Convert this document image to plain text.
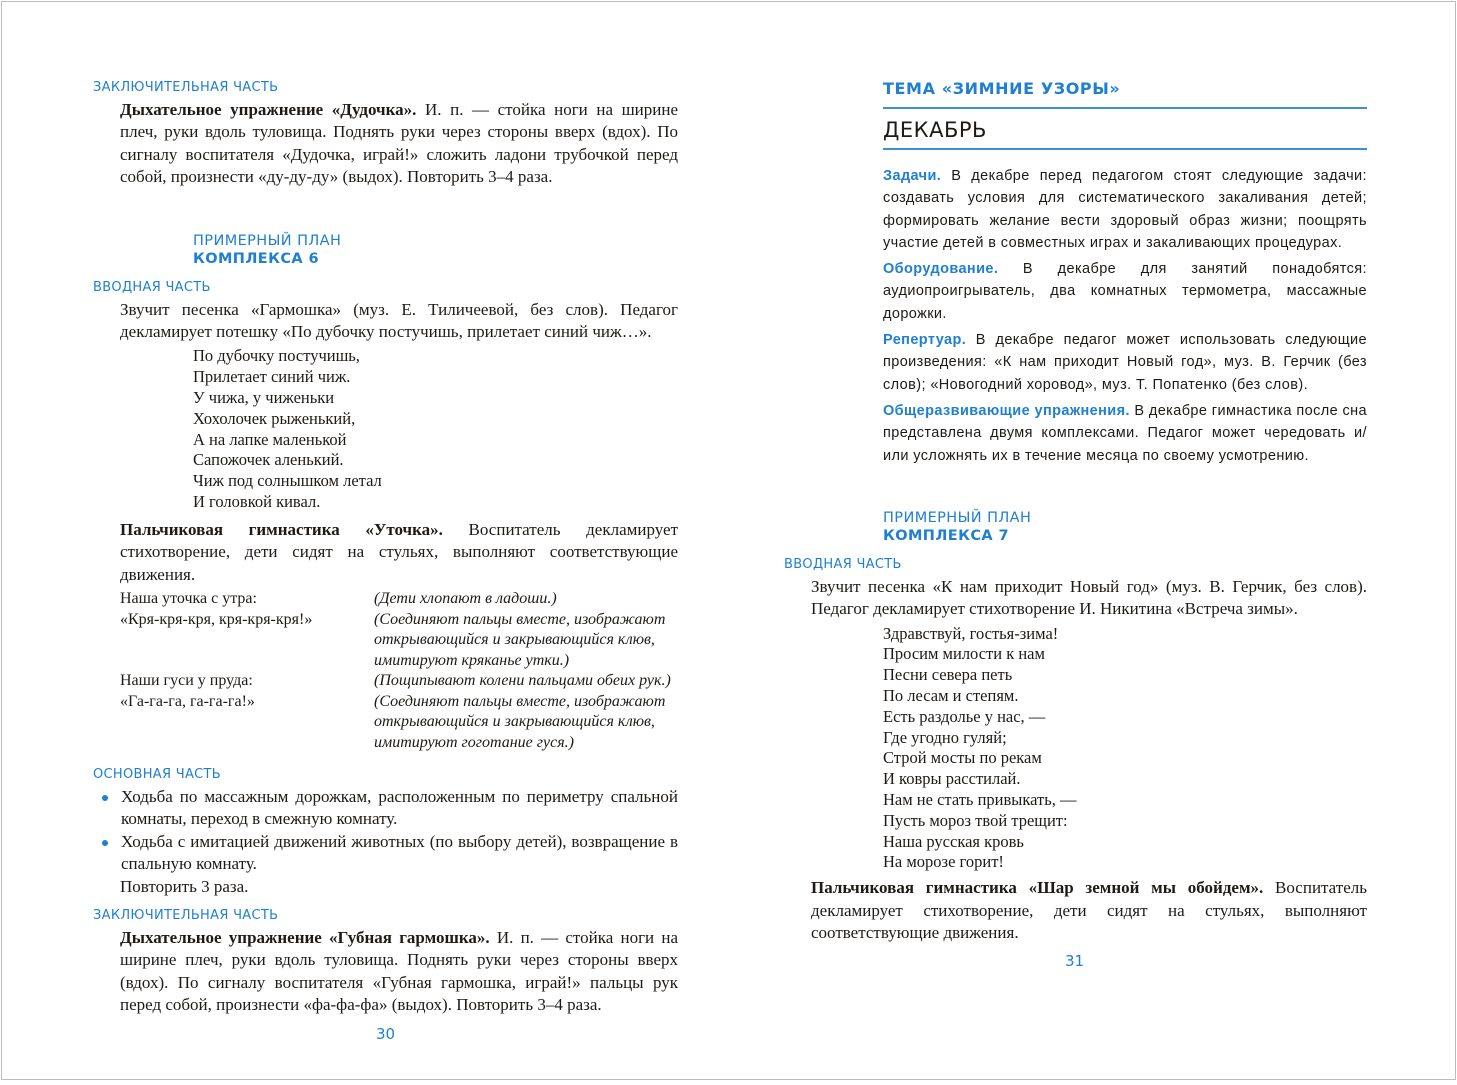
ЗАКЛЮЧИТЕЛЬНАЯ ЧАСТЬ
Дыхательное упражнение «Дудочка». И. п. — стойка ноги на ширине плеч, руки вдоль туловища. Поднять руки через стороны вверх (вдох). По сигналу воспитателя «Дудочка, играй!» сложить ладони трубочкой перед собой, произнести «ду-ду-ду» (выдох). Повторить 3–4 раза.
ПРИМЕРНЫЙ ПЛАН
КОМПЛЕКСА 6
ВВОДНАЯ ЧАСТЬ
Звучит песенка «Гармошка» (муз. Е. Тиличеевой, без слов). Педагог декламирует потешку «По дубочку постучишь, прилетает синий чиж…».
По дубочку постучишь,
Прилетает синий чиж.
У чижа, у чиженьки
Хохолочек рыженький,
А на лапке маленькой
Сапожочек аленький.
Чиж под солнышком летал
И головкой кивал.
Пальчиковая гимнастика «Уточка». Воспитатель декламирует стихотворение, дети сидят на стульях, выполняют соответствующие движения.
Наша уточка с утра:	(Дети хлопают в ладоши.)
«Кря-кря-кря, кря-кря-кря!»	(Соединяют пальцы вместе, изображают открывающийся и закрывающийся клюв, имитируют кряканье утки.)
Наши гуси у пруда:	(Пощипывают колени пальцами обеих рук.)
«Га-га-га, га-га-га!»	(Соединяют пальцы вместе, изображают открывающийся и закрывающийся клюв, имитируют гоготание гуся.)
ОСНОВНАЯ ЧАСТЬ
Ходьба по массажным дорожкам, расположенным по периметру спальной комнаты, переход в смежную комнату.
Ходьба с имитацией движений животных (по выбору детей), возвращение в спальную комнату.
Повторить 3 раза.
ЗАКЛЮЧИТЕЛЬНАЯ ЧАСТЬ
Дыхательное упражнение «Губная гармошка». И. п. — стойка ноги на ширине плеч, руки вдоль туловища. Поднять руки через стороны вверх (вдох). По сигналу воспитателя «Губная гармошка, играй!» пальцы рук перед собой, произнести «фа-фа-фа» (выдох). Повторить 3–4 раза.
30
ТЕМА «ЗИМНИЕ УЗОРЫ»
ДЕКАБРЬ
Задачи. В декабре перед педагогом стоят следующие задачи: создавать условия для систематического закаливания детей; формировать желание вести здоровый образ жизни; поощрять участие детей в совместных играх и закаливающих процедурах.
Оборудование. В декабре для занятий понадобятся: аудиопроигрыватель, два комнатных термометра, массажные дорожки.
Репертуар. В декабре педагог может использовать следующие произведения: «К нам приходит Новый год», муз. В. Герчик (без слов); «Новогодний хоровод», муз. Т. Попатенко (без слов).
Общеразвивающие упражнения. В декабре гимнастика после сна представлена двумя комплексами. Педагог может чередовать и/или усложнять их в течение месяца по своему усмотрению.
ПРИМЕРНЫЙ ПЛАН
КОМПЛЕКСА 7
ВВОДНАЯ ЧАСТЬ
Звучит песенка «К нам приходит Новый год» (муз. В. Герчик, без слов). Педагог декламирует стихотворение И. Никитина «Встреча зимы».
Здравствуй, гостья-зима!
Просим милости к нам
Песни севера петь
По лесам и степям.
Есть раздолье у нас, —
Где угодно гуляй;
Строй мосты по рекам
И ковры расстилай.
Нам не стать привыкать, —
Пусть мороз твой трещит:
Наша русская кровь
На морозе горит!
Пальчиковая гимнастика «Шар земной мы обойдем». Воспитатель декламирует стихотворение, дети сидят на стульях, выполняют соответствующие движения.
31
